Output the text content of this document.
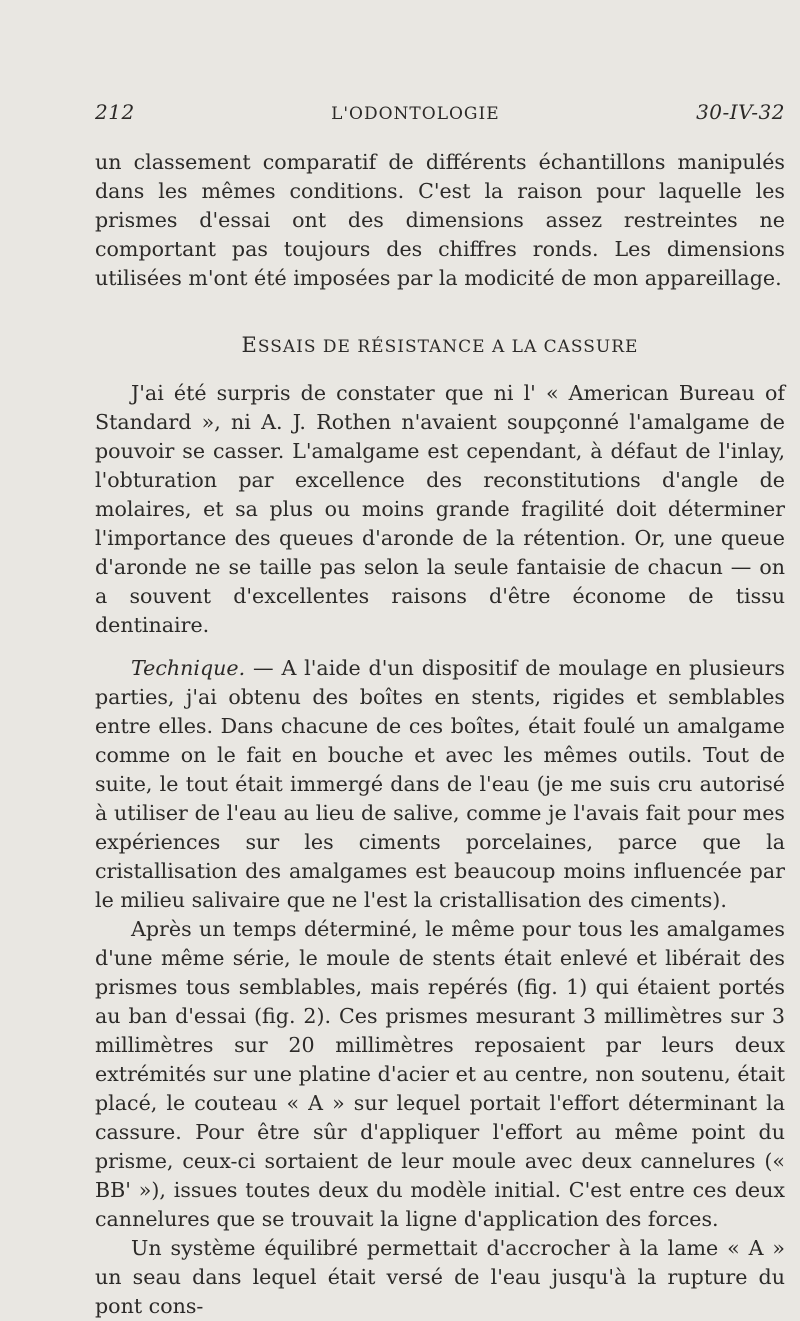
212	L'ODONTOLOGIE	30-IV-32

un classement comparatif de différents échantillons manipulés dans les mêmes conditions. C'est la raison pour laquelle les prismes d'essai ont des dimensions assez restreintes ne comportant pas toujours des chiffres ronds. Les dimensions utilisées m'ont été imposées par la modicité de mon appareillage.

ESSAIS DE RÉSISTANCE A LA CASSURE

J'ai été surpris de constater que ni l' « American Bureau of Standard », ni A. J. Rothen n'avaient soupçonné l'amalgame de pouvoir se casser. L'amalgame est cependant, à défaut de l'inlay, l'obturation par excellence des reconstitutions d'angle de molaires, et sa plus ou moins grande fragilité doit déterminer l'importance des queues d'aronde de la rétention. Or, une queue d'aronde ne se taille pas selon la seule fantaisie de chacun — on a souvent d'excellentes raisons d'être économe de tissu dentinaire.

Technique. — A l'aide d'un dispositif de moulage en plusieurs parties, j'ai obtenu des boîtes en stents, rigides et semblables entre elles. Dans chacune de ces boîtes, était foulé un amalgame comme on le fait en bouche et avec les mêmes outils. Tout de suite, le tout était immergé dans de l'eau (je me suis cru autorisé à utiliser de l'eau au lieu de salive, comme je l'avais fait pour mes expériences sur les ciments porcelaines, parce que la cristallisation des amalgames est beaucoup moins influencée par le milieu salivaire que ne l'est la cristallisation des ciments).

Après un temps déterminé, le même pour tous les amalgames d'une même série, le moule de stents était enlevé et libérait des prismes tous semblables, mais repérés (fig. 1) qui étaient portés au ban d'essai (fig. 2). Ces prismes mesurant 3 millimètres sur 3 millimètres sur 20 millimètres reposaient par leurs deux extrémités sur une platine d'acier et au centre, non soutenu, était placé, le couteau « A » sur lequel portait l'effort déterminant la cassure. Pour être sûr d'appliquer l'effort au même point du prisme, ceux-ci sortaient de leur moule avec deux cannelures (« BB' »), issues toutes deux du modèle initial. C'est entre ces deux cannelures que se trouvait la ligne d'application des forces.

Un système équilibré permettait d'accrocher à la lame « A » un seau dans lequel était versé de l'eau jusqu'à la rupture du pont cons-
